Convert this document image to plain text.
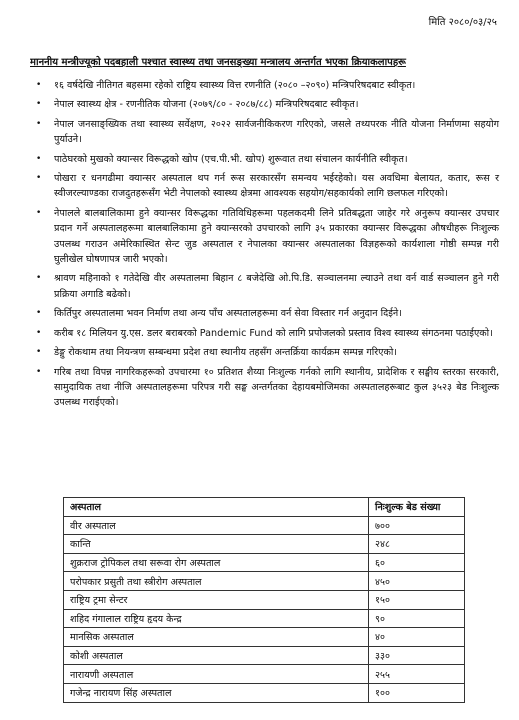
मिति २०८०/०३/२५
माननीय मन्त्रीज्यूको पदबहाली पश्चात स्वास्थ्य तथा जनसङ्ख्या मन्त्रालय अन्तर्गत भएका क्रियाकलापहरू
• १६ वर्षदेखि नीतिगत बहसमा रहेको राष्ट्रिय स्वास्थ्य वित्त रणनीति (२०८० –२०९०) मन्त्रिपरिषदबाट स्वीकृत।
• नेपाल स्वास्थ्य क्षेत्र - रणनीतिक योजना (२०७९/८० - २०८७/८८) मन्त्रिपरिषदबाट स्वीकृत।
• नेपाल जनसाङ्ख्यिक तथा स्वास्थ्य सर्वेक्षण, २०२२ सार्वजनीकिकरण गरिएको, जसले तथ्यपरक नीति योजना निर्माणमा सहयोग पुर्याउने।
• पाठेघरको मुखको क्यान्सर विरूद्धको खोप (एच.पी.भी. खोप) शुरूवात तथा संचालन कार्यनीति स्वीकृत।
• पोखरा र धनगढीमा क्यान्सर अस्पताल थप गर्न रूस सरकारसँग समन्वय भईरहेको। यस अवधिमा बेलायत, कतार, रूस र स्वीजरल्याण्डका राजदुतहरूसँग भेटी नेपालको स्वास्थ्य क्षेत्रमा आवश्यक सहयोग/सहकार्यको लागि छलफल गरिएको।
• नेपालले बालबालिकामा हुने क्यान्सर विरूद्धका गतिविधिहरूमा पहलकदमी लिने प्रतिबद्धता जाहेर गरे अनुरूप क्यान्सर उपचार प्रदान गर्ने अस्पतालहरूमा बालबालिकामा हुने क्यान्सरको उपचारको लागि ३५ प्रकारका क्यान्सर विरूद्धका औषधीहरू निःशुल्क उपलब्ध गराउन अमेरिकास्थित सेन्ट जुड अस्पताल र नेपालका क्यान्सर अस्पतालका विज्ञहरूको कार्यशाला गोष्ठी सम्पन्न गरी घुलीखेल घोषणापत्र जारी भएको।
• श्रावण महिनाको १ गतेदेखि वीर अस्पतालमा बिहान ८ बजेदेखि ओ.पि.डि. सञ्चालनमा ल्याउने तथा वर्न वार्ड सञ्चालन हुने गरी प्रक्रिया अगाडि बढेको।
• किर्तिपुर अस्पतालमा भवन निर्माण तथा अन्य पाँच अस्पतालहरूमा वर्न सेवा विस्तार गर्न अनुदान दिईने।
• करीब १८ मिलियन यु.एस. डलर बराबरको Pandemic Fund को लागि प्रपोजलको प्रस्ताव विश्व स्वास्थ्य संगठनमा पठाईएको।
• डेङ्गु रोकथाम तथा नियन्त्रण सम्बन्धमा प्रदेश तथा स्थानीय तहसँग अन्तर्क्रिया कार्यक्रम सम्पन्न गरिएको।
• गरिब तथा विपन्न नागरिकहरूको उपचारमा १० प्रतिशत शैय्या निःशुल्क गर्नको लागि स्थानीय, प्रादेशिक र सङ्घीय स्तरका सरकारी, सामुदायिक तथा नीजि अस्पतालहरूमा परिपत्र गरी सङ्घ अन्तर्गतका देहायबमोजिमका अस्पतालहरूबाट कुल ३५२३ बेड निःशुल्क उपलब्ध गराईएको।
अस्पताल	निःशुल्क बेड संख्या
वीर अस्पताल	७००
कान्ति	२४८
शुक्रराज ट्रोपिकल तथा सरूवा रोग अस्पताल	६०
परोपकार प्रसुती तथा स्त्रीरोग अस्पताल	४५०
राष्ट्रिय ट्रमा सेन्टर	१५०
शहिद गंगालाल राष्ट्रिय हृदय केन्द्र	९०
मानसिक अस्पताल	४०
कोशी अस्पताल	३३०
नारायणी अस्पताल	२५५
गजेन्द्र नारायण सिंह अस्पताल	१००
